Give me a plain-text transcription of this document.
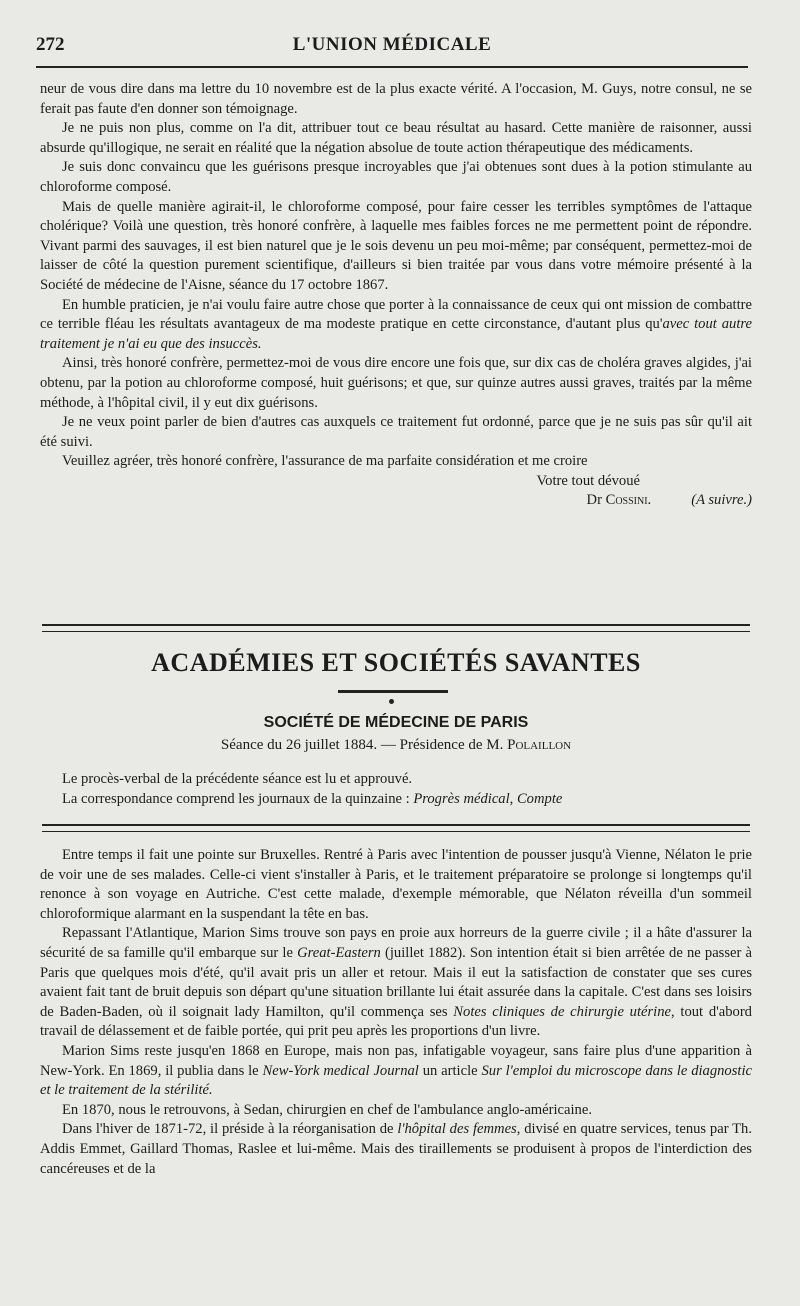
272	L'UNION MÉDICALE

neur de vous dire dans ma lettre du 10 novembre est de la plus exacte vérité. A l'occasion, M. Guys, notre consul, ne se ferait pas faute d'en donner son témoignage.

Je ne puis non plus, comme on l'a dit, attribuer tout ce beau résultat au hasard. Cette manière de raisonner, aussi absurde qu'illogique, ne serait en réalité que la négation absolue de toute action thérapeutique des médicaments.

Je suis donc convaincu que les guérisons presque incroyables que j'ai obtenues sont dues à la potion stimulante au chloroforme composé.

Mais de quelle manière agirait-il, le chloroforme composé, pour faire cesser les terribles symptômes de l'attaque cholérique? Voilà une question, très honoré confrère, à laquelle mes faibles forces ne me permettent point de répondre. Vivant parmi des sauvages, il est bien naturel que je le sois devenu un peu moi-même; par conséquent, permettez-moi de laisser de côté la question purement scientifique, d'ailleurs si bien traitée par vous dans votre mémoire présenté à la Société de médecine de l'Aisne, séance du 17 octobre 1867.

En humble praticien, je n'ai voulu faire autre chose que porter à la connaissance de ceux qui ont mission de combattre ce terrible fléau les résultats avantageux de ma modeste pratique en cette circonstance, d'autant plus qu'avec tout autre traitement je n'ai eu que des insuccès.

Ainsi, très honoré confrère, permettez-moi de vous dire encore une fois que, sur dix cas de choléra graves algides, j'ai obtenu, par la potion au chloroforme composé, huit guérisons; et que, sur quinze autres aussi graves, traités par la même méthode, à l'hôpital civil, il y eut dix guérisons.

Je ne veux point parler de bien d'autres cas auxquels ce traitement fut ordonné, parce que je ne suis pas sûr qu'il ait été suivi.

Veuillez agréer, très honoré confrère, l'assurance de ma parfaite considération et me croire

Votre tout dévoué

Dr Cossini.	(A suivre.)

ACADÉMIES ET SOCIÉTÉS SAVANTES
SOCIÉTÉ DE MÉDECINE DE PARIS
Séance du 26 juillet 1884. — Présidence de M. Polaillon

Le procès-verbal de la précédente séance est lu et approuvé.

La correspondance comprend les journaux de la quinzaine : Progrès médical, Compte

Entre temps il fait une pointe sur Bruxelles. Rentré à Paris avec l'intention de pousser jusqu'à Vienne, Nélaton le prie de voir une de ses malades. Celle-ci vient s'installer à Paris, et le traitement préparatoire se prolonge si longtemps qu'il renonce à son voyage en Autriche. C'est cette malade, d'exemple mémorable, que Nélaton réveilla d'un sommeil chloroformique alarmant en la suspendant la tête en bas.

Repassant l'Atlantique, Marion Sims trouve son pays en proie aux horreurs de la guerre civile ; il a hâte d'assurer la sécurité de sa famille qu'il embarque sur le Great-Eastern (juillet 1882). Son intention était si bien arrêtée de ne passer à Paris que quelques mois d'été, qu'il avait pris un aller et retour. Mais il eut la satisfaction de constater que ses cures avaient fait tant de bruit depuis son départ qu'une situation brillante lui était assurée dans la capitale. C'est dans ses loisirs de Baden-Baden, où il soignait lady Hamilton, qu'il commença ses Notes cliniques de chirurgie utérine, tout d'abord travail de délassement et de faible portée, qui prit peu après les proportions d'un livre.

Marion Sims reste jusqu'en 1868 en Europe, mais non pas, infatigable voyageur, sans faire plus d'une apparition à New-York. En 1869, il publia dans le New-York medical Journal un article Sur l'emploi du microscope dans le diagnostic et le traitement de la stérilité.

En 1870, nous le retrouvons, à Sedan, chirurgien en chef de l'ambulance anglo-américaine.

Dans l'hiver de 1871-72, il préside à la réorganisation de l'hôpital des femmes, divisé en quatre services, tenus par Th. Addis Emmet, Gaillard Thomas, Raslee et lui-même. Mais des tiraillements se produisent à propos de l'interdiction des cancéreuses et de la
